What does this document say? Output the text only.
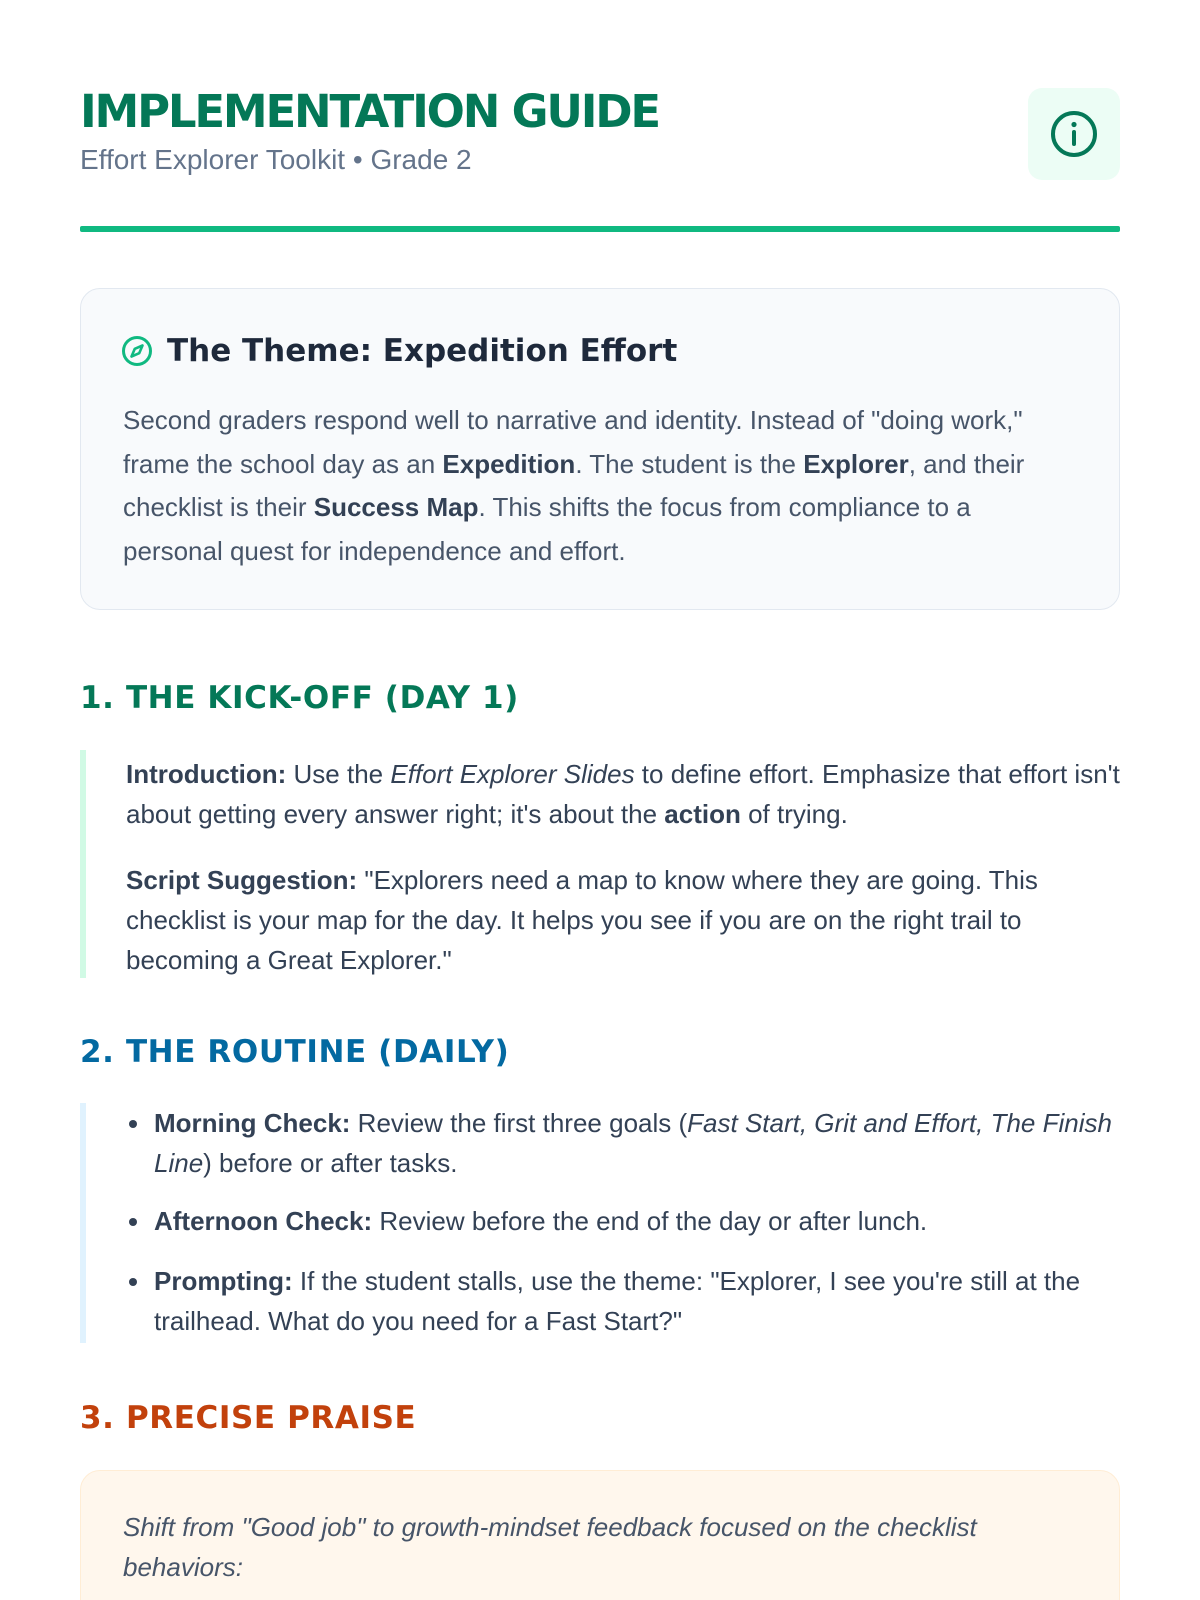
IMPLEMENTATION GUIDE
Effort Explorer Toolkit • Grade 2
The Theme: Expedition Effort

Second graders respond well to narrative and identity. Instead of "doing work," frame the school day as an Expedition. The student is the Explorer, and their checklist is their Success Map. This shifts the focus from compliance to a personal quest for independence and effort.

1. THE KICK-OFF (DAY 1)

Introduction: Use the Effort Explorer Slides to define effort. Emphasize that effort isn't about getting every answer right; it's about the action of trying.

Script Suggestion: "Explorers need a map to know where they are going. This checklist is your map for the day. It helps you see if you are on the right trail to becoming a Great Explorer."

2. THE ROUTINE (DAILY)
Morning Check: Review the first three goals (Fast Start, Grit and Effort, The Finish Line) before or after tasks.
Afternoon Check: Review before the end of the day or after lunch.
Prompting: If the student stalls, use the theme: "Explorer, I see you're still at the trailhead. What do you need for a Fast Start?"
3. PRECISE PRAISE

Shift from "Good job" to growth-mindset feedback focused on the checklist behaviors:
